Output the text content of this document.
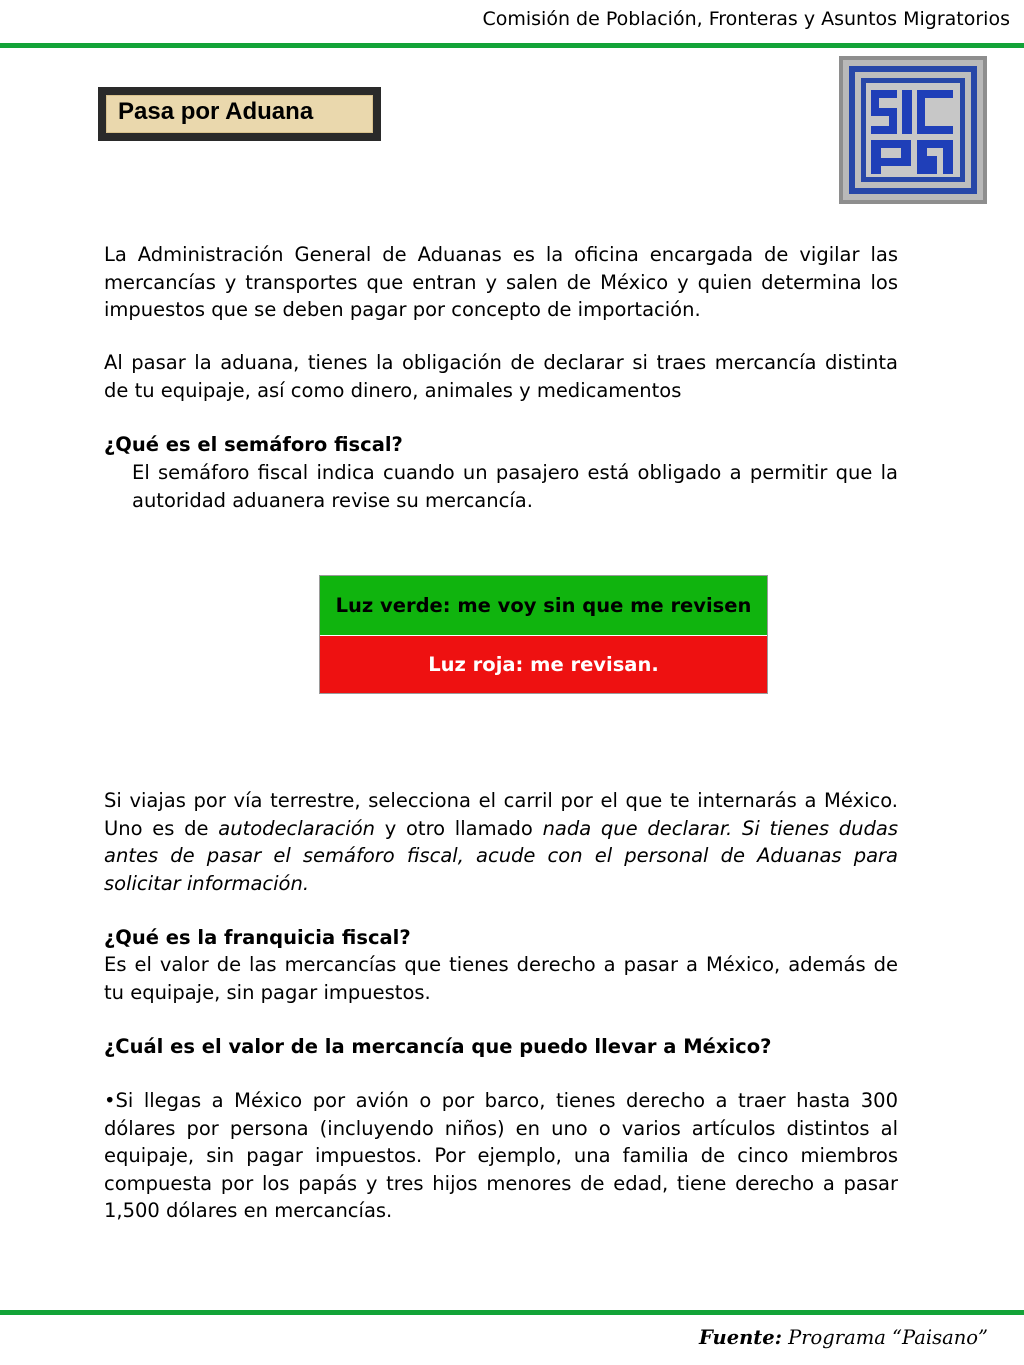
Comisión de Población, Fronteras y Asuntos Migratorios
Pasa por Aduana
La Administración General de Aduanas es la oficina encargada de vigilar las mercancías y transportes que entran y salen de México y quien determina los impuestos que se deben pagar por concepto de importación.
Al pasar la aduana, tienes la obligación de declarar si traes mercancía distinta de tu equipaje, así como dinero, animales y medicamentos
¿Qué es el semáforo fiscal?
El semáforo fiscal indica cuando un pasajero está obligado a permitir que la autoridad aduanera revise su mercancía.
Luz verde: me voy sin que me revisen
Luz roja: me revisan.
Si viajas por vía terrestre, selecciona el carril por el que te internarás a México. Uno es de autodeclaración y otro llamado nada que declarar. Si tienes dudas antes de pasar el semáforo fiscal, acude con el personal de Aduanas para solicitar información.
¿Qué es la franquicia fiscal?
Es el valor de las mercancías que tienes derecho a pasar a México, además de tu equipaje, sin pagar impuestos.
¿Cuál es el valor de la mercancía que puedo llevar a México?
•Si llegas a México por avión o por barco, tienes derecho a traer hasta 300 dólares por persona (incluyendo niños) en uno o varios artículos distintos al equipaje, sin pagar impuestos. Por ejemplo, una familia de cinco miembros compuesta por los papás y tres hijos menores de edad, tiene derecho a pasar 1,500 dólares en mercancías.
Fuente: Programa “Paisano”
